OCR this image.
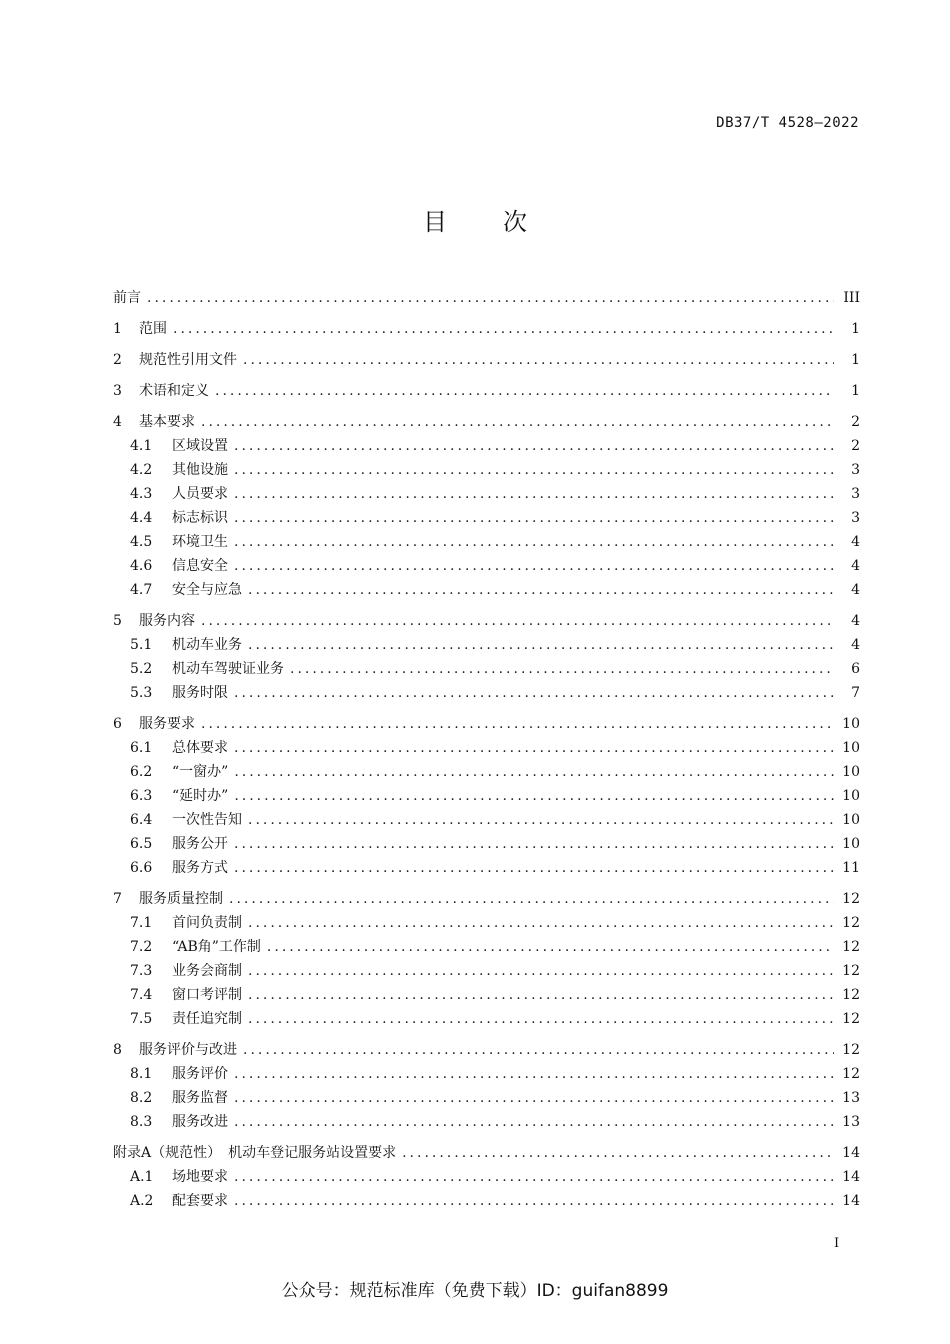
DB37/T 4528—2022
目次
前言 .....	III
1	范围 .....	1
2	规范性引用文件 .....	1
3	术语和定义 .....	1
4	基本要求 .....	2
4.1	区域设置 .....	2
4.2	其他设施 .....	3
4.3	人员要求 .....	3
4.4	标志标识 .....	3
4.5	环境卫生 .....	4
4.6	信息安全 .....	4
4.7	安全与应急 .....	4
5	服务内容 .....	4
5.1	机动车业务 .....	4
5.2	机动车驾驶证业务 .....	6
5.3	服务时限 .....	7
6	服务要求 .....	10
6.1	总体要求 .....	10
6.2	“一窗办” .....	10
6.3	“延时办” .....	10
6.4	一次性告知 .....	10
6.5	服务公开 .....	10
6.6	服务方式 .....	11
7	服务质量控制 .....	12
7.1	首问负责制 .....	12
7.2	“AB角”工作制 .....	12
7.3	业务会商制 .....	12
7.4	窗口考评制 .....	12
7.5	责任追究制 .....	12
8	服务评价与改进 .....	12
8.1	服务评价 .....	12
8.2	服务监督 .....	13
8.3	服务改进 .....	13
附录A（规范性）　机动车登记服务站设置要求 .....	14
A.1	场地要求 .....	14
A.2	配套要求 .....	14
I
公众号：规范标准库（免费下载）ID：guifan8899
